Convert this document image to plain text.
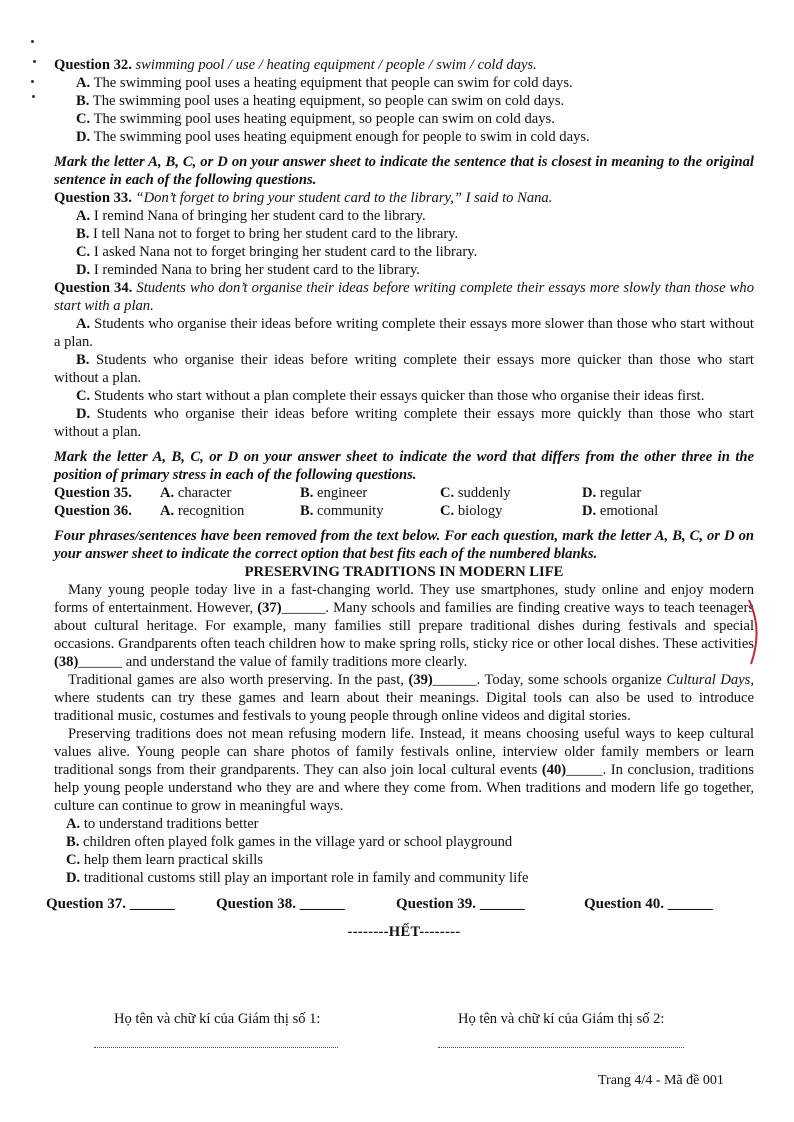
Question 32. swimming pool / use / heating equipment / people / swim / cold days.
A. The swimming pool uses a heating equipment that people can swim for cold days.
B. The swimming pool uses a heating equipment, so people can swim on cold days.
C. The swimming pool uses heating equipment, so people can swim on cold days.
D. The swimming pool uses heating equipment enough for people to swim in cold days.
Mark the letter A, B, C, or D on your answer sheet to indicate the sentence that is closest in meaning to the original sentence in each of the following questions.
Question 33. “Don’t forget to bring your student card to the library,” I said to Nana.
A. I remind Nana of bringing her student card to the library.
B. I tell Nana not to forget to bring her student card to the library.
C. I asked Nana not to forget bringing her student card to the library.
D. I reminded Nana to bring her student card to the library.
Question 34. Students who don’t organise their ideas before writing complete their essays more slowly than those who start with a plan.
A. Students who organise their ideas before writing complete their essays more slower than those who start without a plan.
B. Students who organise their ideas before writing complete their essays more quicker than those who start without a plan.
C. Students who start without a plan complete their essays quicker than those who organise their ideas first.
D. Students who organise their ideas before writing complete their essays more quickly than those who start without a plan.
Mark the letter A, B, C, or D on your answer sheet to indicate the word that differs from the other three in the position of primary stress in each of the following questions.
Question 35.	A. character	B. engineer	C. suddenly	D. regular
Question 36.	A. recognition	B. community	C. biology	D. emotional
Four phrases/sentences have been removed from the text below. For each question, mark the letter A, B, C, or D on your answer sheet to indicate the correct option that best fits each of the numbered blanks.
PRESERVING TRADITIONS IN MODERN LIFE
Many young people today live in a fast-changing world. They use smartphones, study online and enjoy modern forms of entertainment. However, (37)______. Many schools and families are finding creative ways to teach teenagers about cultural heritage. For example, many families still prepare traditional dishes during festivals and special occasions. Grandparents often teach children how to make spring rolls, sticky rice or other local dishes. These activities (38)______ and understand the value of family traditions more clearly.
Traditional games are also worth preserving. In the past, (39)______. Today, some schools organize Cultural Days, where students can try these games and learn about their meanings. Digital tools can also be used to introduce traditional music, costumes and festivals to young people through online videos and digital stories.
Preserving traditions does not mean refusing modern life. Instead, it means choosing useful ways to keep cultural values alive. Young people can share photos of family festivals online, interview older family members or learn traditional songs from their grandparents. They can also join local cultural events (40)_____. In conclusion, traditions help young people understand who they are and where they come from. When traditions and modern life go together, culture can continue to grow in meaningful ways.
A. to understand traditions better
B. children often played folk games in the village yard or school playground
C. help them learn practical skills
D. traditional customs still play an important role in family and community life
Question 37. ______	Question 38. ______	Question 39. ______	Question 40. ______
--------HẾT--------
Họ tên và chữ kí của Giám thị số 1:	Họ tên và chữ kí của Giám thị số 2:
Trang 4/4 - Mã đề 001
